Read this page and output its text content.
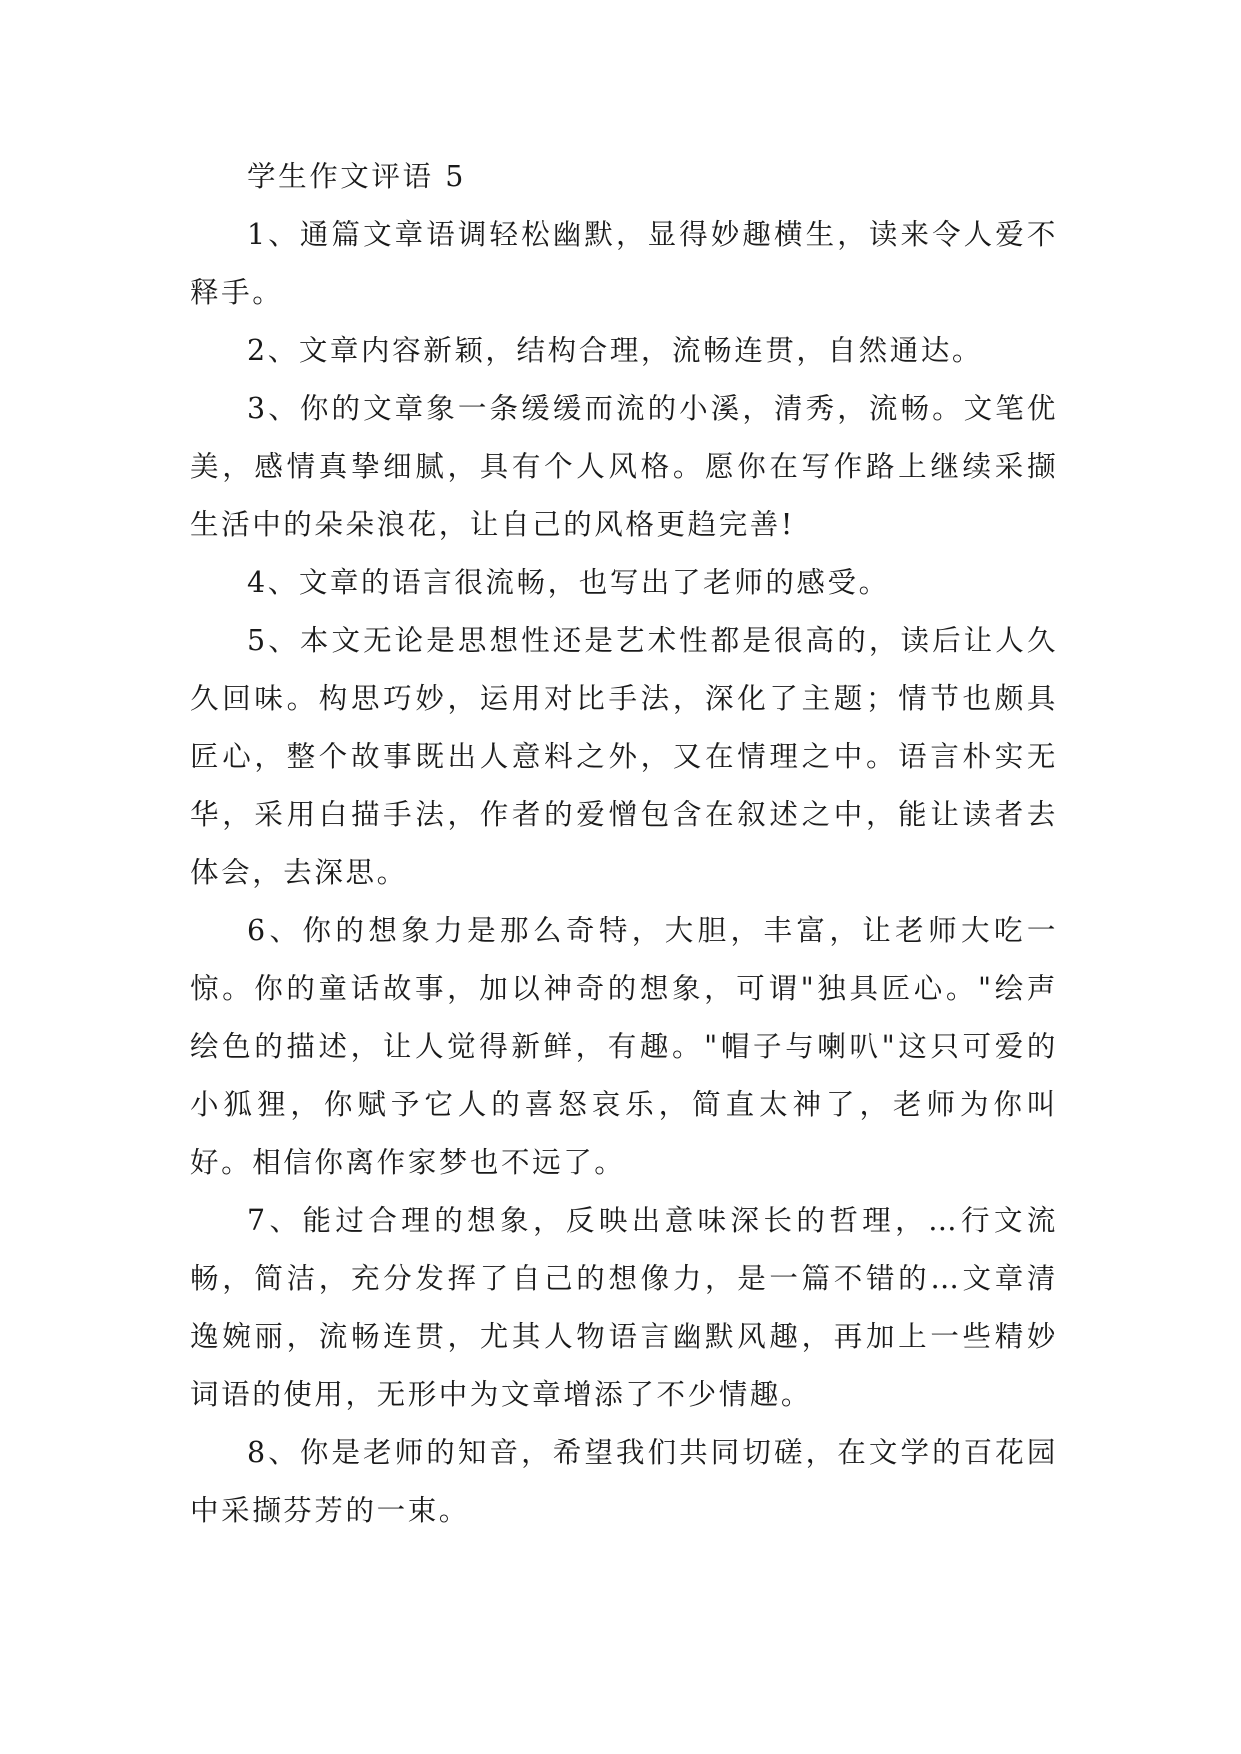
学生作文评语 5

1、通篇文章语调轻松幽默，显得妙趣横生，读来令人爱不释手。

2、文章内容新颖，结构合理，流畅连贯，自然通达。

3、你的文章象一条缓缓而流的小溪，清秀，流畅。文笔优美，感情真挚细腻，具有个人风格。愿你在写作路上继续采撷生活中的朵朵浪花，让自己的风格更趋完善!

4、文章的语言很流畅，也写出了老师的感受。

5、本文无论是思想性还是艺术性都是很高的，读后让人久久回味。构思巧妙，运用对比手法，深化了主题；情节也颇具匠心，整个故事既出人意料之外，又在情理之中。语言朴实无华，采用白描手法，作者的爱憎包含在叙述之中，能让读者去体会，去深思。

6、你的想象力是那么奇特，大胆，丰富，让老师大吃一惊。你的童话故事，加以神奇的想象，可谓"独具匠心。"绘声绘色的描述，让人觉得新鲜，有趣。"帽子与喇叭"这只可爱的小狐狸，你赋予它人的喜怒哀乐，简直太神了，老师为你叫好。相信你离作家梦也不远了。

7、能过合理的想象，反映出意味深长的哲理，…行文流畅，简洁，充分发挥了自己的想像力，是一篇不错的…文章清逸婉丽，流畅连贯，尤其人物语言幽默风趣，再加上一些精妙词语的使用，无形中为文章增添了不少情趣。

8、你是老师的知音，希望我们共同切磋，在文学的百花园中采撷芬芳的一束。
